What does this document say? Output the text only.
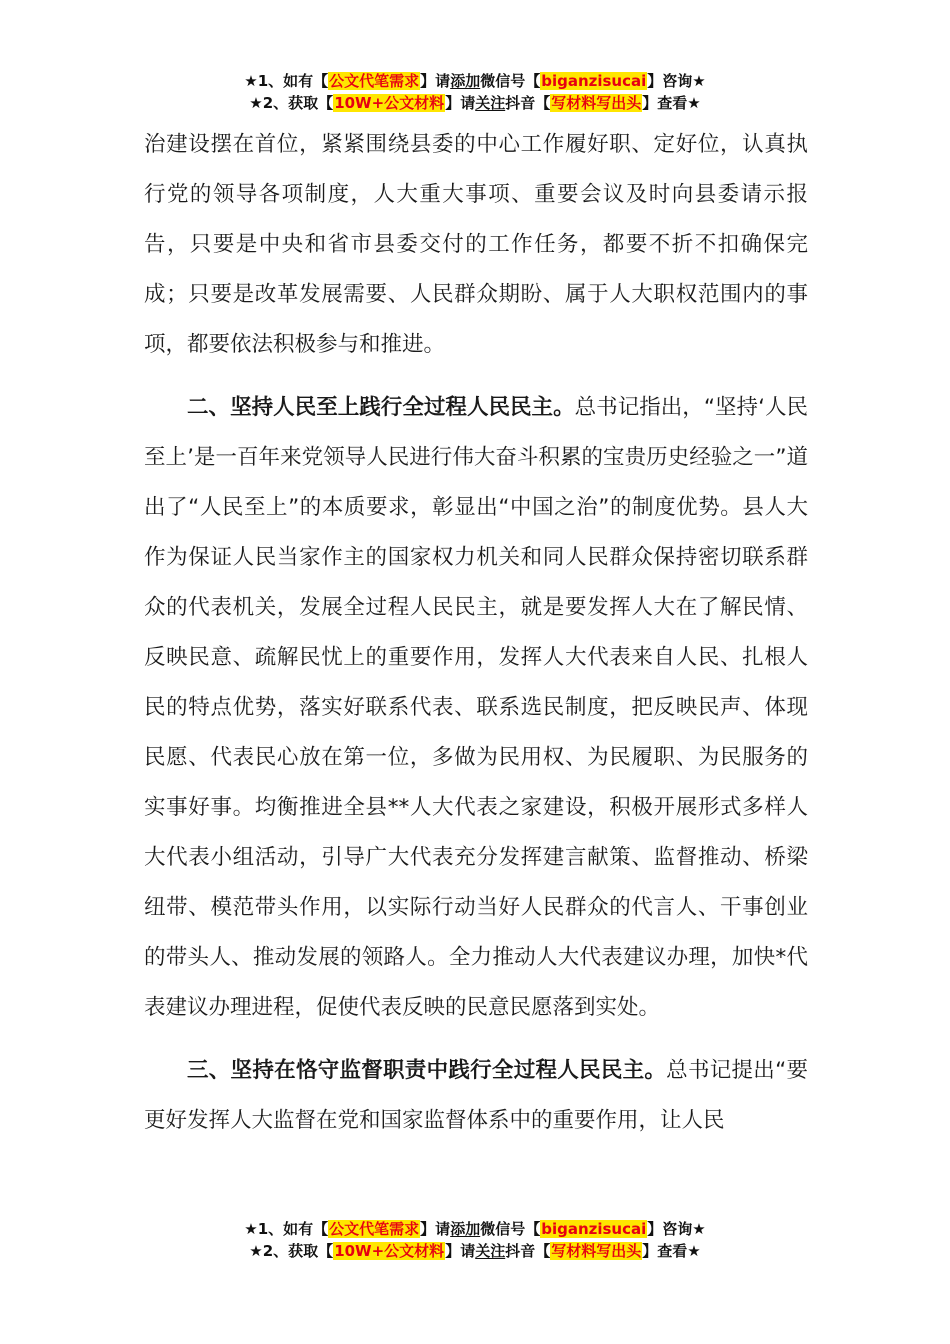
★1、如有【公文代笔需求】请添加微信号【biganzisucai】咨询★
★2、获取【10W+公文材料】请关注抖音【写材料写出头】查看★

治建设摆在首位，紧紧围绕县委的中心工作履好职、定好位，认真执行党的领导各项制度，人大重大事项、重要会议及时向县委请示报告，只要是中央和省市县委交付的工作任务，都要不折不扣确保完成；只要是改革发展需要、人民群众期盼、属于人大职权范围内的事项，都要依法积极参与和推进。

二、坚持人民至上践行全过程人民民主。总书记指出，“坚持‘人民至上’是一百年来党领导人民进行伟大奋斗积累的宝贵历史经验之一”道出了“人民至上”的本质要求，彰显出“中国之治”的制度优势。县人大作为保证人民当家作主的国家权力机关和同人民群众保持密切联系群众的代表机关，发展全过程人民民主，就是要发挥人大在了解民情、反映民意、疏解民忧上的重要作用，发挥人大代表来自人民、扎根人民的特点优势，落实好联系代表、联系选民制度，把反映民声、体现民愿、代表民心放在第一位，多做为民用权、为民履职、为民服务的实事好事。均衡推进全县**人大代表之家建设，积极开展形式多样人大代表小组活动，引导广大代表充分发挥建言献策、监督推动、桥梁纽带、模范带头作用，以实际行动当好人民群众的代言人、干事创业的带头人、推动发展的领路人。全力推动人大代表建议办理，加快*代表建议办理进程，促使代表反映的民意民愿落到实处。

三、坚持在恪守监督职责中践行全过程人民民主。总书记提出“要更好发挥人大监督在党和国家监督体系中的重要作用，让人民

★1、如有【公文代笔需求】请添加微信号【biganzisucai】咨询★
★2、获取【10W+公文材料】请关注抖音【写材料写出头】查看★
